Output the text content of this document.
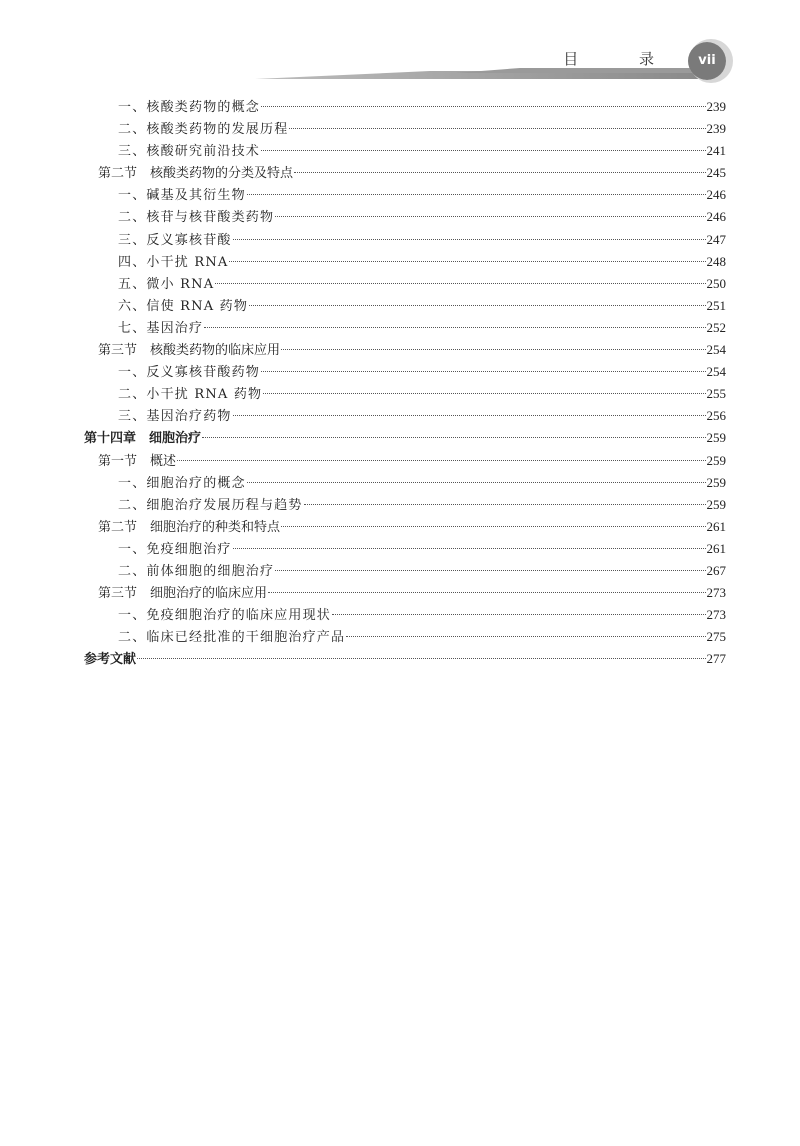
目 录	vii
一、核酸类药物的概念	239
二、核酸类药物的发展历程	239
三、核酸研究前沿技术	241
第二节　核酸类药物的分类及特点	245
一、碱基及其衍生物	246
二、核苷与核苷酸类药物	246
三、反义寡核苷酸	247
四、小干扰 RNA	248
五、微小 RNA	250
六、信使 RNA 药物	251
七、基因治疗	252
第三节　核酸类药物的临床应用	254
一、反义寡核苷酸药物	254
二、小干扰 RNA 药物	255
三、基因治疗药物	256
第十四章　细胞治疗	259
第一节　概述	259
一、细胞治疗的概念	259
二、细胞治疗发展历程与趋势	259
第二节　细胞治疗的种类和特点	261
一、免疫细胞治疗	261
二、前体细胞的细胞治疗	267
第三节　细胞治疗的临床应用	273
一、免疫细胞治疗的临床应用现状	273
二、临床已经批准的干细胞治疗产品	275
参考文献	277
